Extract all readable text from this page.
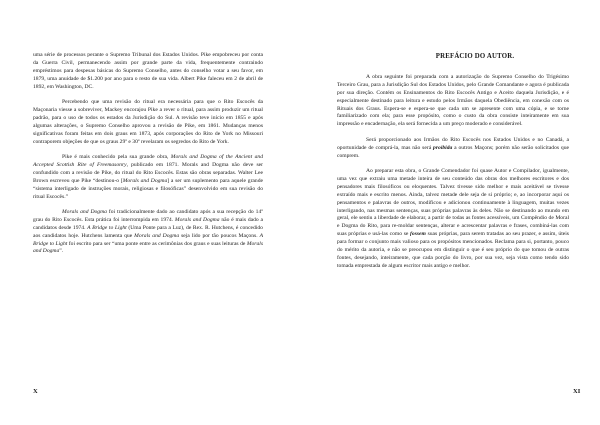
uma série de processos perante o Supremo Tribunal dos Estados Unidos. Pike empobreceu por conta da Guerra Civil, permanecendo assim por grande parte da vida, frequentemente contraindo empréstimos para despesas básicas do Supremo Conselho, antes do conselho votar a seu favor, em 1879, uma anuidade de $1.200 por ano para o resto de sua vida. Albert Pike faleceu em 2 de abril de 1892, em Washington, DC.

Percebendo que uma revisão do ritual era necessária para que o Rito Escocês da Maçonaria viesse a sobreviver, Mackey encorajou Pike a rever o ritual, para assim produzir um ritual padrão, para o uso de todos os estados da Jurisdição do Sul. A revisão teve início em 1855 e após algumas alterações, o Supremo Conselho aprovou a revisão de Pike, em 1861. Mudanças menos significativas foram feitas em dois graus em 1873, após corporações do Rito de York no Missouri contraporem objeções de que os graus 29º e 30º revelaram os segredos do Rito de York.

Pike é mais conhecido pela sua grande obra, Morals and Dogma of the Ancient and Accepted Scottish Rite of Freemasonry, publicado em 1871. Morals and Dogma não deve ser confundido com a revisão de Pike, do ritual do Rito Escocês. Estas são obras separadas. Walter Lee Brown escreveu que Pike “destinou-o [Morals and Dogma] a ser um suplemento para aquele grande “sistema interligado de instruções morais, religiosas e filosóficas” desenvolvido em sua revisão do ritual Escocês.”

Morals and Dogma foi tradicionalmente dado ao candidato após a sua recepção do 14º grau do Rito Escocês. Esta prática foi interrompida em 1974. Morals and Dogma não é mais dado a candidatos desde 1974. A Bridge to Light (Uma Ponte para a Luz), de Rex. R. Hutchens, é concedido aos candidatos hoje. Hutchens lamenta que Morals and Dogma seja lido por tão poucos Maçons. A Bridge to Light foi escrito para ser “uma ponte entre as cerimônias dos graus e suas leituras de Morals and Dogma”.

X

PREFÁCIO DO AUTOR.

A obra seguinte foi preparada com a autorização do Supremo Conselho do Trigésimo Terceiro Grau, para a Jurisdição Sul dos Estados Unidos, pelo Grande Comandante e agora é publicada por sua direção. Contém os Ensinamentos do Rito Escocês Antigo e Aceito daquela Jurisdição, e é especialmente destinado para leitura e estudo pelos Irmãos daquela Obediência, em conexão com os Rituais dos Graus. Espera-se e espera-se que cada um se apresente com uma cópia, e se torne familiarizado com ela; para esse propósito, como o custo da obra consiste inteiramente em sua impressão e encadernação, ela será fornecida a um preço moderado e considerável.

Será proporcionado aos Irmãos do Rito Escocês nos Estados Unidos e no Canadá, a oportunidade de comprá-la, mas não será proibida a outros Maçons; porém não serão solicitados que comprem.

Ao preparar esta obra, o Grande Comendador foi quase Autor e Compilador, igualmente, uma vez que extraiu uma metade inteira de seu conteúdo das obras dos melhores escritores e dos pensadores mais filosóficos ou eloquentes. Talvez tivesse sido melhor e mais aceitável se tivesse extraído mais e escrito menos. Ainda, talvez metade dele seja de si próprio; e, ao incorporar aqui os pensamentos e palavras de outros, modificou e adicionou continuamente à linguagem, muitas vezes interligando, nas mesmas sentenças, suas próprias palavras às deles. Não se destinando ao mundo em geral, ele sentiu a liberdade de elaborar, a partir de todas as fontes acessíveis, um Compêndio de Moral e Dogma do Rito, para re-moldar sentenças, alterar e acrescentar palavras e frases, combiná-las com suas próprias e usá-las como se fossem suas próprias, para serem tratadas ao seu prazer, e assim, úteis para formar o conjunto mais valioso para os propósitos mencionados. Reclama para si, portanto, pouco do mérito da autoria, e não se preocupou em distinguir o que é seu próprio do que tomou de outras fontes, desejando, inteiramente, que cada porção do livro, por sua vez, seja vista como tendo sido tomada emprestada de algum escritor mais antigo e melhor.

XI
